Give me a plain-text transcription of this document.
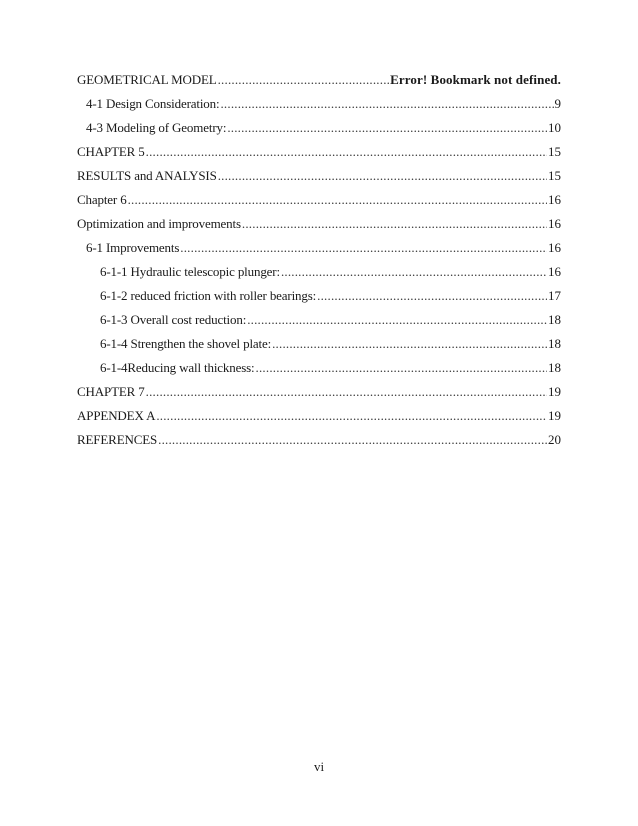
GEOMETRICAL MODEL .....	Error! Bookmark not defined.
4-1 Design Consideration: .....	9
4-3 Modeling of Geometry: .....	10
CHAPTER 5 .....	15
RESULTS and ANALYSIS .....	15
Chapter 6 .....	16
Optimization and improvements .....	16
6-1 Improvements .....	16
6-1-1 Hydraulic telescopic plunger: .....	16
6-1-2 reduced friction with roller bearings: .....	17
6-1-3 Overall cost reduction: .....	18
6-1-4 Strengthen the shovel plate: .....	18
6-1-4Reducing wall thickness: .....	18
CHAPTER 7 .....	19
APPENDEX A .....	19
REFERENCES .....	20
vi
